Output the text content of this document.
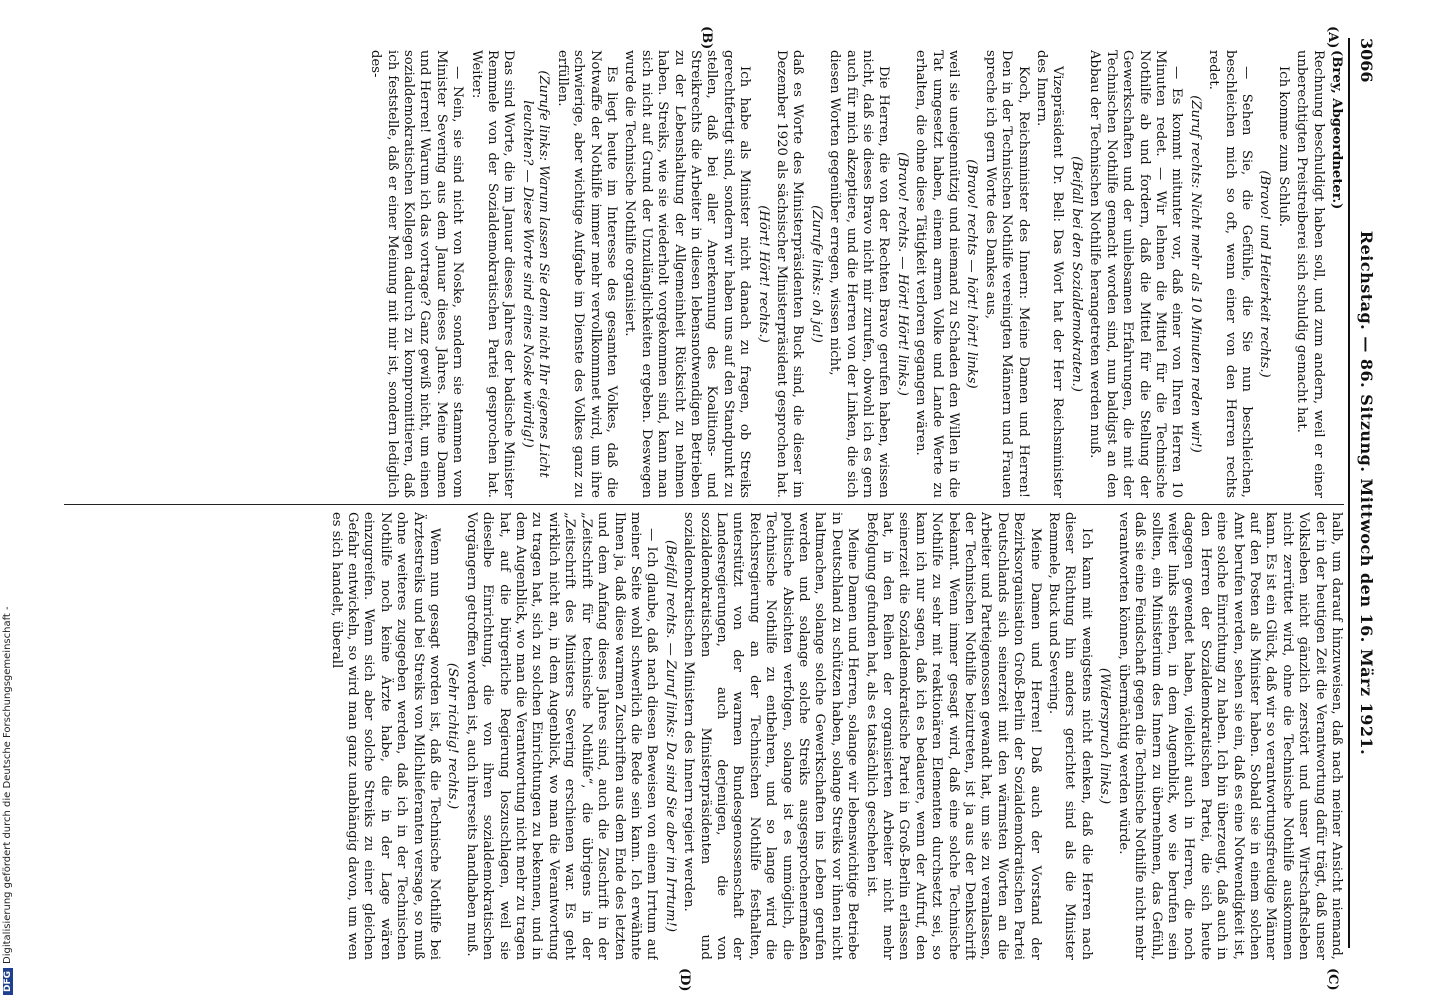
3066
Reichstag. — 86. Sitzung. Mittwoch den 16. März 1921.
(A)
(B)
(C)
(D)

(Brey, Abgeordneter.)

Rechnung beschuldigt haben soll, und zum andern, weil er einer unberechtigten Preistreiberei sich schuldig gemacht hat.

Ich komme zum Schluß.

(Bravo! und Heiterkeit rechts.)

— Sehen Sie, die Gefühle, die Sie nun beschleichen, beschleichen mich so oft, wenn einer von den Herren rechts redet.

(Zuruf rechts: Nicht mehr als 10 Minuten reden wir!)

— Es kommt mitunter vor, daß einer von Ihren Herren 10 Minuten redet. — Wir lehnen die Mittel für die Technische Nothilfe ab und fordern, daß die Mittel für die Stellung der Gewerkschaften und der unliebsamen Erfahrungen, die mit der Technischen Nothilfe gemacht worden sind, nun baldigst an den Abbau der Technischen Nothilfe herangetreten werden muß.

(Beifall bei den Sozialdemokraten.)

Vizepräsident Dr. Bell: Das Wort hat der Herr Reichsminister des Innern.

Koch, Reichsminister des Innern: Meine Damen und Herren! Den in der Technischen Nothilfe vereinigten Männern und Frauen spreche ich gern Worte des Dankes aus,

(Bravo! rechts — hört! hört! links)

weil sie uneigennützig und niemand zu Schaden den Willen in die Tat umgesetzt haben, einem armen Volke und Lande Werte zu erhalten, die ohne diese Tätigkeit verloren gegangen wären.

(Bravo! rechts. — Hört! Hört! links.)

Die Herren, die von der Rechten Bravo gerufen haben, wissen nicht, daß sie dieses Bravo nicht mir zurufen, obwohl ich es gern auch für mich akzeptiere, und die Herren von der Linken, die sich diesen Worten gegenüber erregen, wissen nicht,

(Zurufe links: oh ja!)

daß es Worte des Ministerpräsidenten Buck sind, die dieser im Dezember 1920 als sächsischer Ministerpräsident gesprochen hat.

(Hört! Hört! rechts.)

Ich habe als Minister nicht danach zu fragen, ob Streiks gerechtfertigt sind, sondern wir haben uns auf den Standpunkt zu stellen, daß bei aller Anerkennung des Koalitions- und Streikrechts die Arbeiter in diesen lebensnotwendigen Betrieben zu der Lebenshaltung der Allgemeinheit Rücksicht zu nehmen haben. Streiks, wie sie wiederholt vorgekommen sind, kann man sich nicht auf Grund der Unzulänglichkeiten ergeben. Deswegen wurde die Technische Nothilfe organisiert.

Es liegt heute im Interesse des gesamten Volkes, daß die Notwaffe der Nothilfe immer mehr vervollkommnet wird, um ihre schwierige, aber wichtige Aufgabe im Dienste des Volkes ganz zu erfüllen.

(Zurufe links: Warum lassen Sie denn nicht Ihr eigenes Licht leuchten? — Diese Worte sind eines Noske würdig!)

Das sind Worte, die im Januar dieses Jahres der badische Minister Remmele von der Sozialdemokratischen Partei gesprochen hat. Weiter:

— Nein, sie sind nicht von Noske, sondern sie stammen vom Minister Severing aus dem Januar dieses Jahres. Meine Damen und Herren! Warum ich das vortrage? Ganz gewiß nicht, um einen sozialdemokratischen Kollegen dadurch zu kompromittieren, daß ich feststelle, daß er einer Meinung mit mir ist, sondern lediglich des-

halb, um darauf hinzuweisen, daß nach meiner Ansicht niemand, der in der heutigen Zeit die Verantwortung dafür trägt, daß unser Volksleben nicht gänzlich zerstört und unser Wirtschaftsleben nicht zerrüttet wird, ohne die Technische Nothilfe auskommen kann. Es ist ein Glück, daß wir so verantwortungsfreudige Männer auf den Posten als Minister haben. Sobald sie in einem solchen Amt berufen werden, sehen sie ein, daß es eine Notwendigkeit ist, eine solche Einrichtung zu haben. Ich bin überzeugt, daß auch in den Herren der Sozialdemokratischen Partei, die sich heute dagegen gewendet haben, vielleicht auch in Herren, die noch weiter links stehen, in dem Augenblick, wo sie berufen sein sollten, ein Ministerium des Innern zu übernehmen, das Gefühl, daß sie eine Feindschaft gegen die Technische Nothilfe nicht mehr verantworten können, übermächtig werden würde.

(Widerspruch links.)

Ich kann mit wenigstens nicht denken, daß die Herren nach dieser Richtung hin anders gerichtet sind als die Minister Remmele, Buck und Severing.

Meine Damen und Herren! Daß auch der Vorstand der Bezirksorganisation Groß-Berlin der Sozialdemokratischen Partei Deutschlands sich seinerzeit mit den wärmsten Worten an die Arbeiter und Parteigenossen gewandt hat, um sie zu veranlassen, der Technischen Nothilfe beizutreten, ist ja aus der Denkschrift bekannt. Wenn immer gesagt wird, daß eine solche Technische Nothilfe zu sehr mit reaktionären Elementen durchsetzt sei, so kann ich nur sagen, daß ich es bedauere, wenn der Aufruf, den seinerzeit die Sozialdemokratische Partei in Groß-Berlin erlassen hat, in den Reihen der organisierten Arbeiter nicht mehr Befolgung gefunden hat, als es tatsächlich geschehen ist.

Meine Damen und Herren, solange wir lebenswichtige Betriebe in Deutschland zu schützen haben, solange Streiks vor ihnen nicht haltmachen, solange solche Gewerkschaften ins Leben gerufen werden und solange solche Streiks ausgesprochenermaßen politische Absichten verfolgen, solange ist es unmöglich, die Technische Nothilfe zu entbehren, und so lange wird die Reichsregierung an der Technischen Nothilfe festhalten, unterstützt von der warmen Bundesgenossenschaft der Landesregierungen, auch derjenigen, die von sozialdemokratischen Ministerpräsidenten und sozialdemokratischen Ministern des Innern regiert werden.

(Beifall rechts. — Zuruf links: Da sind Sie aber im Irrtum!)

— Ich glaube, daß nach diesen Beweisen von einem Irrtum auf meiner Seite wohl schwerlich die Rede sein kann. Ich erwähnte Ihnen ja, daß diese warmen Zuschriften aus dem Ende des letzten und dem Anfang dieses Jahres sind, auch die Zuschrift in der „Zeitschrift für technische Nothilfe“, die übrigens in der „Zeitschrift des Ministers Severing erschienen war. Es geht wirklich nicht an, in dem Augenblick, wo man die Verantwortung zu tragen hat, sich zu solchen Einrichtungen zu bekennen, und in dem Augenblick, wo man die Verantwortung nicht mehr zu tragen hat, auf die bürgerliche Regierung loszuschlagen, weil sie dieselbe Einrichtung, die von ihren sozialdemokratischen Vorgängern getroffen worden ist, auch ihrerseits handhaben muß.

(Sehr richtig! rechts.)

Wenn nun gesagt worden ist, daß die Technische Nothilfe bei Ärztestreiks und bei Streiks von Milchlieferanten versage, so muß ohne weiteres zugegeben werden, daß ich in der Technischen Nothilfe noch keine Ärzte habe, die in der Lage wären einzugreifen. Wenn sich aber solche Streiks zu einer gleichen Gefahr entwickeln, so wird man ganz unabhängig davon, um wen es sich handelt, überall

DFGDigitalisierung gefördert durch die Deutsche Forschungsgemeinschaft -
